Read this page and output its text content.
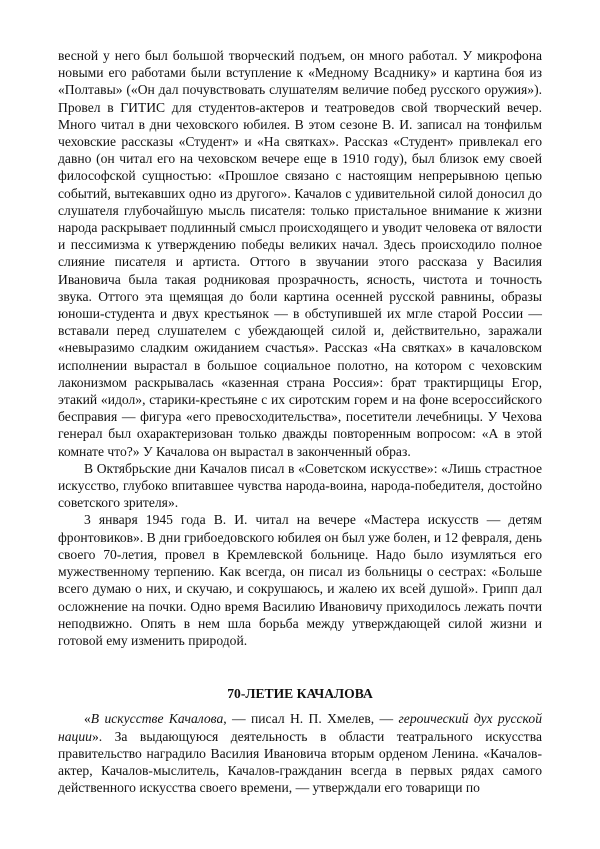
весной у него был большой творческий подъем, он много работал. У микрофона новыми его работами были вступление к «Медному Всаднику» и картина боя из «Полтавы» («Он дал почувствовать слушателям величие побед русского оружия»). Провел в ГИТИС для студентов-актеров и театроведов свой творческий вечер. Много читал в дни чеховского юбилея. В этом сезоне В. И. записал на тонфильм чеховские рассказы «Студент» и «На святках». Рассказ «Студент» привлекал его давно (он читал его на чеховском вечере еще в 1910 году), был близок ему своей философской сущностью: «Прошлое связано с настоящим непрерывною цепью событий, вытекавших одно из другого». Качалов с удивительной силой доносил до слушателя глубочайшую мысль писателя: только пристальное внимание к жизни народа раскрывает подлинный смысл происходящего и уводит человека от вялости и пессимизма к утверждению победы великих начал. Здесь происходило полное слияние писателя и артиста. Оттого в звучании этого рассказа у Василия Ивановича была такая родниковая прозрачность, ясность, чистота и точность звука. Оттого эта щемящая до боли картина осенней русской равнины, образы юноши-студента и двух крестьянок — в обступившей их мгле старой России — вставали перед слушателем с убеждающей силой и, действительно, заражали «невыразимо сладким ожиданием счастья». Рассказ «На святках» в качаловском исполнении вырастал в большое социальное полотно, на котором с чеховским лаконизмом раскрывалась «казенная страна Россия»: брат трактирщицы Егор, этакий «идол», старики-крестьяне с их сиротским горем и на фоне всероссийского бесправия — фигура «его превосходительства», посетители лечебницы. У Чехова генерал был охарактеризован только дважды повторенным вопросом: «А в этой комнате что?» У Качалова он вырастал в законченный образ.

В Октябрьские дни Качалов писал в «Советском искусстве»: «Лишь страстное искусство, глубоко впитавшее чувства народа-воина, народа-победителя, достойно советского зрителя».

3 января 1945 года В. И. читал на вечере «Мастера искусств — детям фронтовиков». В дни грибоедовского юбилея он был уже болен, и 12 февраля, день своего 70-летия, провел в Кремлевской больнице. Надо было изумляться его мужественному терпению. Как всегда, он писал из больницы о сестрах: «Больше всего думаю о них, и скучаю, и сокрушаюсь, и жалею их всей душой». Грипп дал осложнение на почки. Одно время Василию Ивановичу приходилось лежать почти неподвижно. Опять в нем шла борьба между утверждающей силой жизни и готовой ему изменить природой.

70-ЛЕТИЕ КАЧАЛОВА

«В искусстве Качалова, — писал Н. П. Хмелев, — героический дух русской нации». За выдающуюся деятельность в области театрального искусства правительство наградило Василия Ивановича вторым орденом Ленина. «Качалов-актер, Качалов-мыслитель, Качалов-гражданин всегда в первых рядах самого действенного искусства своего времени, — утверждали его товарищи по
